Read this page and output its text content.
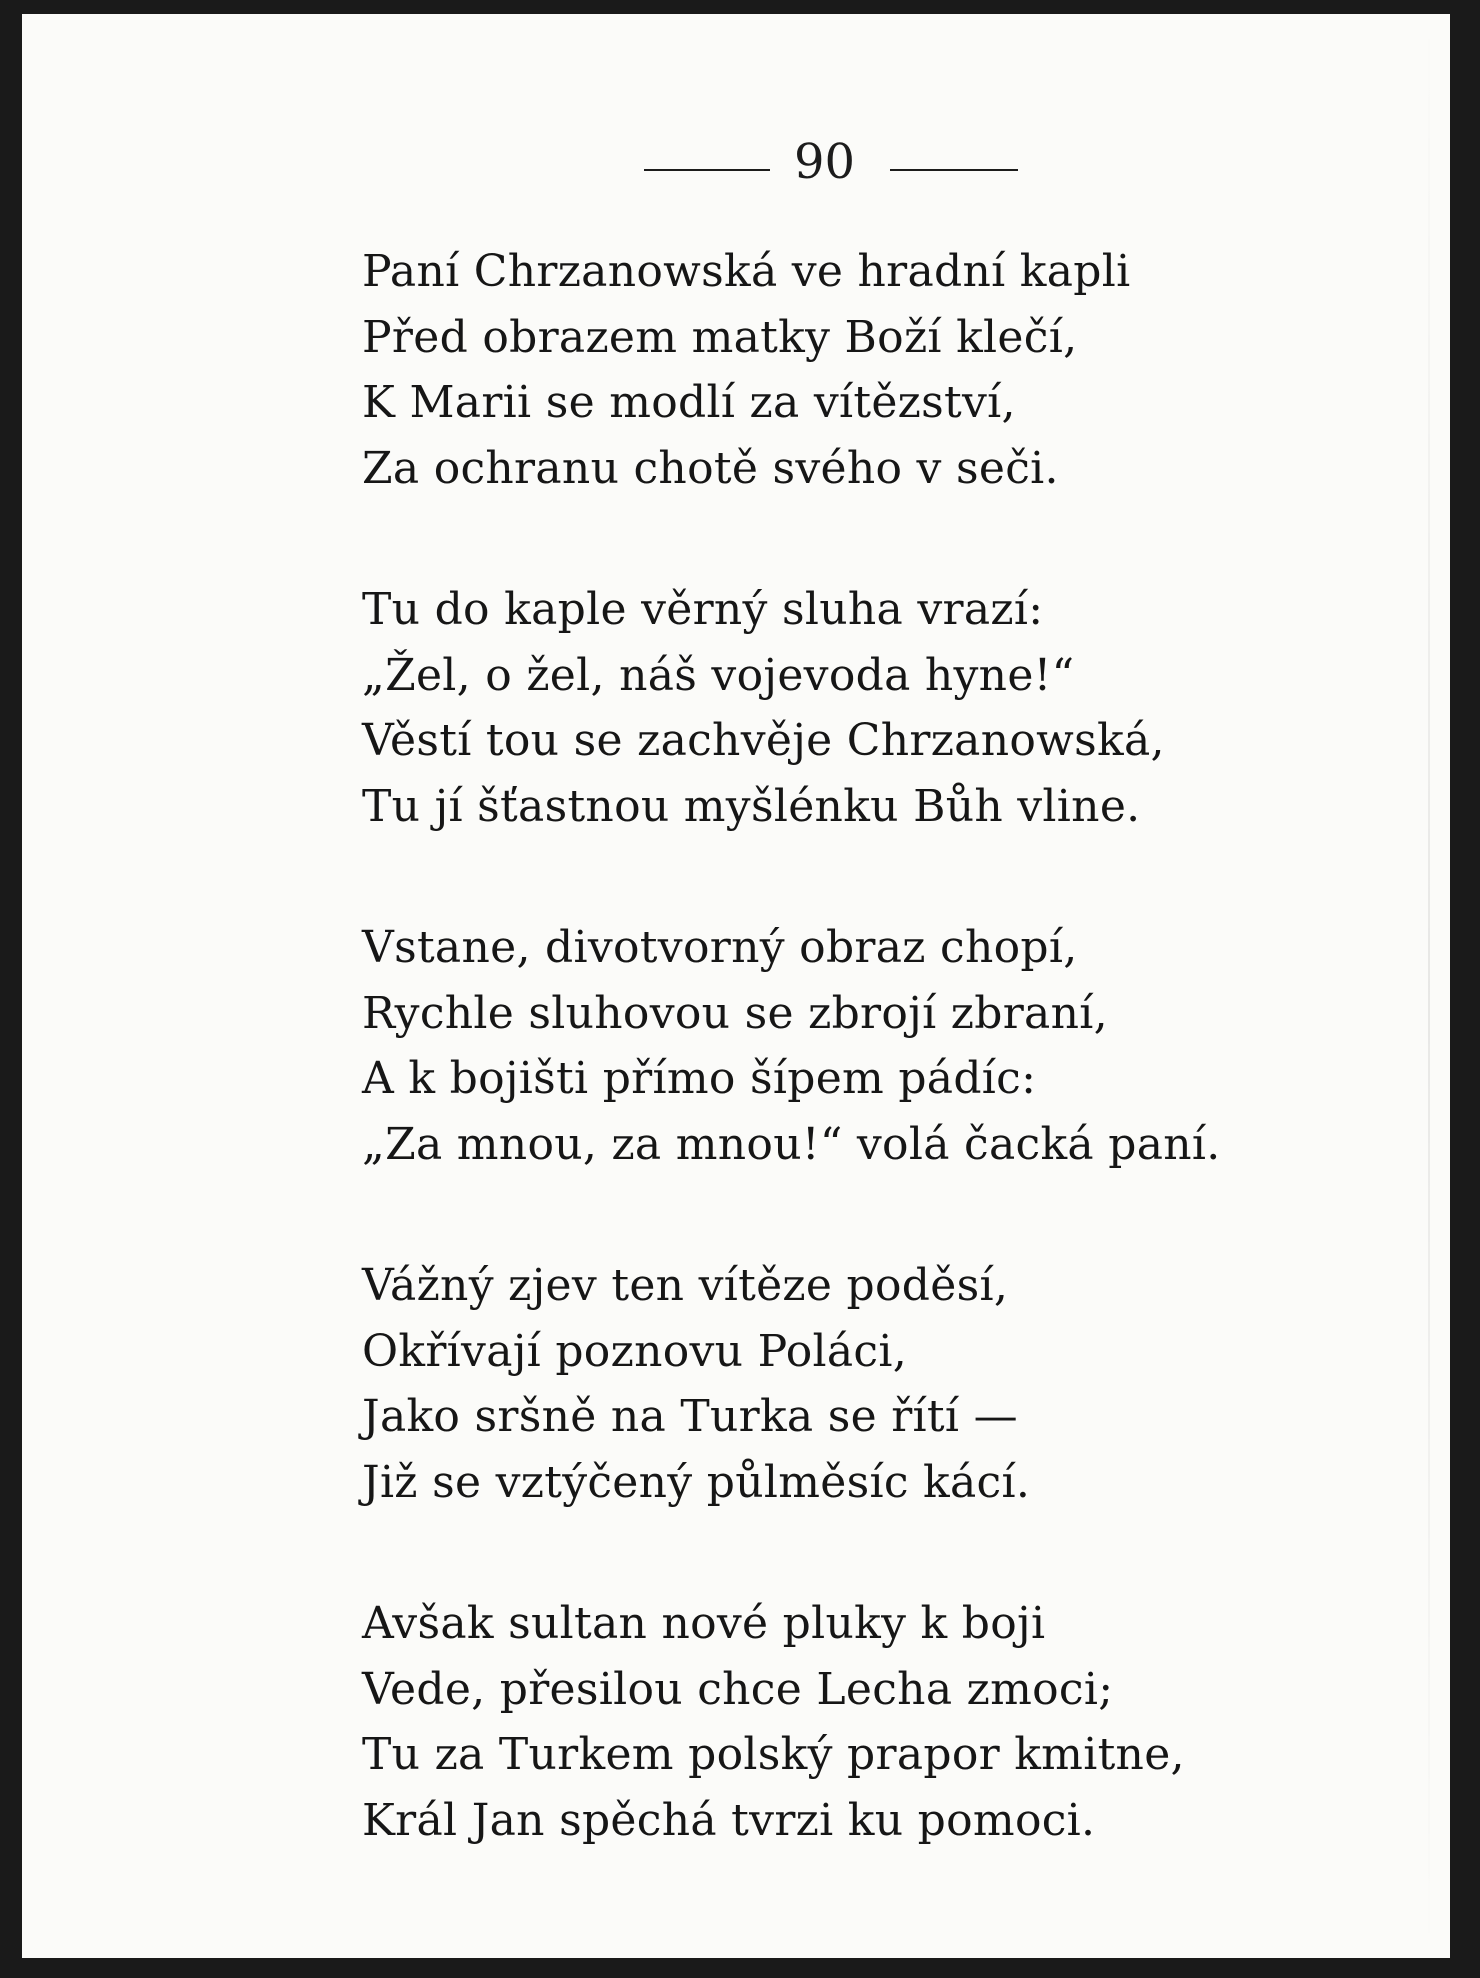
90
Paní Chrzanowská ve hradní kapli
Před obrazem matky Boží klečí,
K Marii se modlí za vítězství,
Za ochranu chotě svého v seči.
Tu do kaple věrný sluha vrazí:
„Žel, o žel, náš vojevoda hyne!“
Věstí tou se zachvěje Chrzanowská,
Tu jí šťastnou myšlénku Bůh vline.
Vstane, divotvorný obraz chopí,
Rychle sluhovou se zbrojí zbraní,
A k bojišti přímo šípem pádíc:
„Za mnou, za mnou!“ volá čacká paní.
Vážný zjev ten vítěze poděsí,
Okřívají poznovu Poláci,
Jako sršně na Turka se řítí —
Již se vztýčený půlměsíc kácí.
Avšak sultan nové pluky k boji
Vede, přesilou chce Lecha zmoci;
Tu za Turkem polský prapor kmitne,
Král Jan spěchá tvrzi ku pomoci.
